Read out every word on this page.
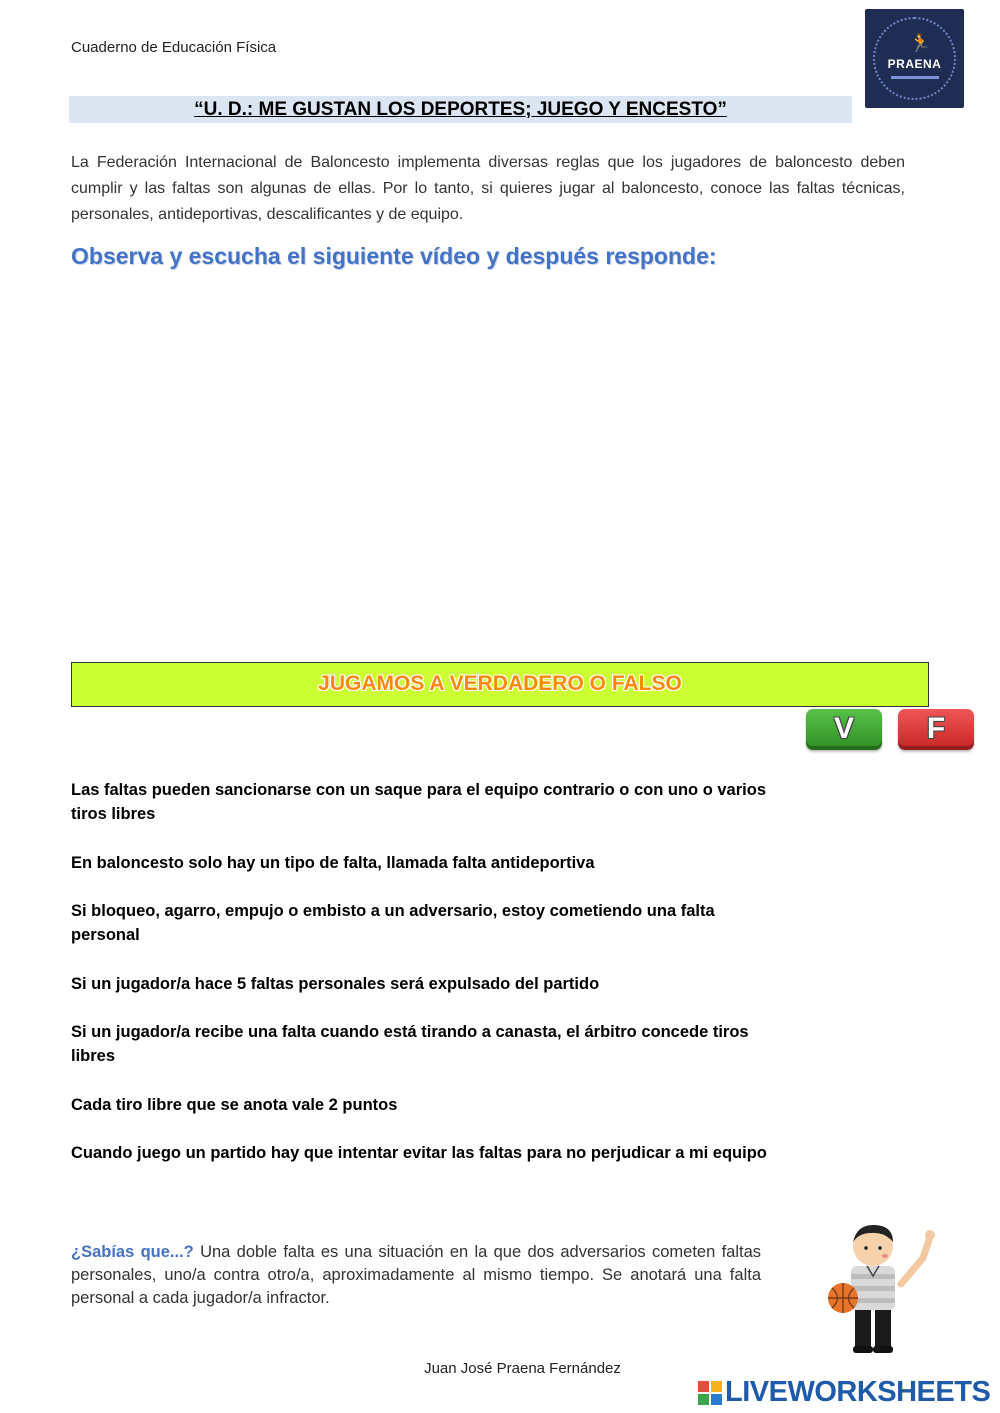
Cuaderno de Educación Física	🏃
PRAENA
“U. D.: ME GUSTAN LOS DEPORTES; JUEGO Y ENCESTO”
La Federación Internacional de Baloncesto implementa diversas reglas que los jugadores de baloncesto deben cumplir y las faltas son algunas de ellas. Por lo tanto, si quieres jugar al baloncesto, conoce las faltas técnicas, personales, antideportivas, descalificantes y de equipo.
Observa y escucha el siguiente vídeo y después responde:
JUGAMOS A VERDADERO O FALSO
V	F
Las faltas pueden sancionarse con un saque para el equipo contrario o con uno o varios tiros libres
En baloncesto solo hay un tipo de falta, llamada falta antideportiva
Si bloqueo, agarro, empujo o embisto a un adversario, estoy cometiendo una falta personal
Si un jugador/a hace 5 faltas personales será expulsado del partido
Si un jugador/a recibe una falta cuando está tirando a canasta, el árbitro concede tiros libres
Cada tiro libre que se anota vale 2 puntos
Cuando juego un partido hay que intentar evitar las faltas para no perjudicar a mi equipo
¿Sabías que...? Una doble falta es una situación en la que dos adversarios cometen faltas personales, uno/a contra otro/a, aproximadamente al mismo tiempo. Se anotará una falta personal a cada jugador/a infractor.
Juan José Praena Fernández
LIVEWORKSHEETS
